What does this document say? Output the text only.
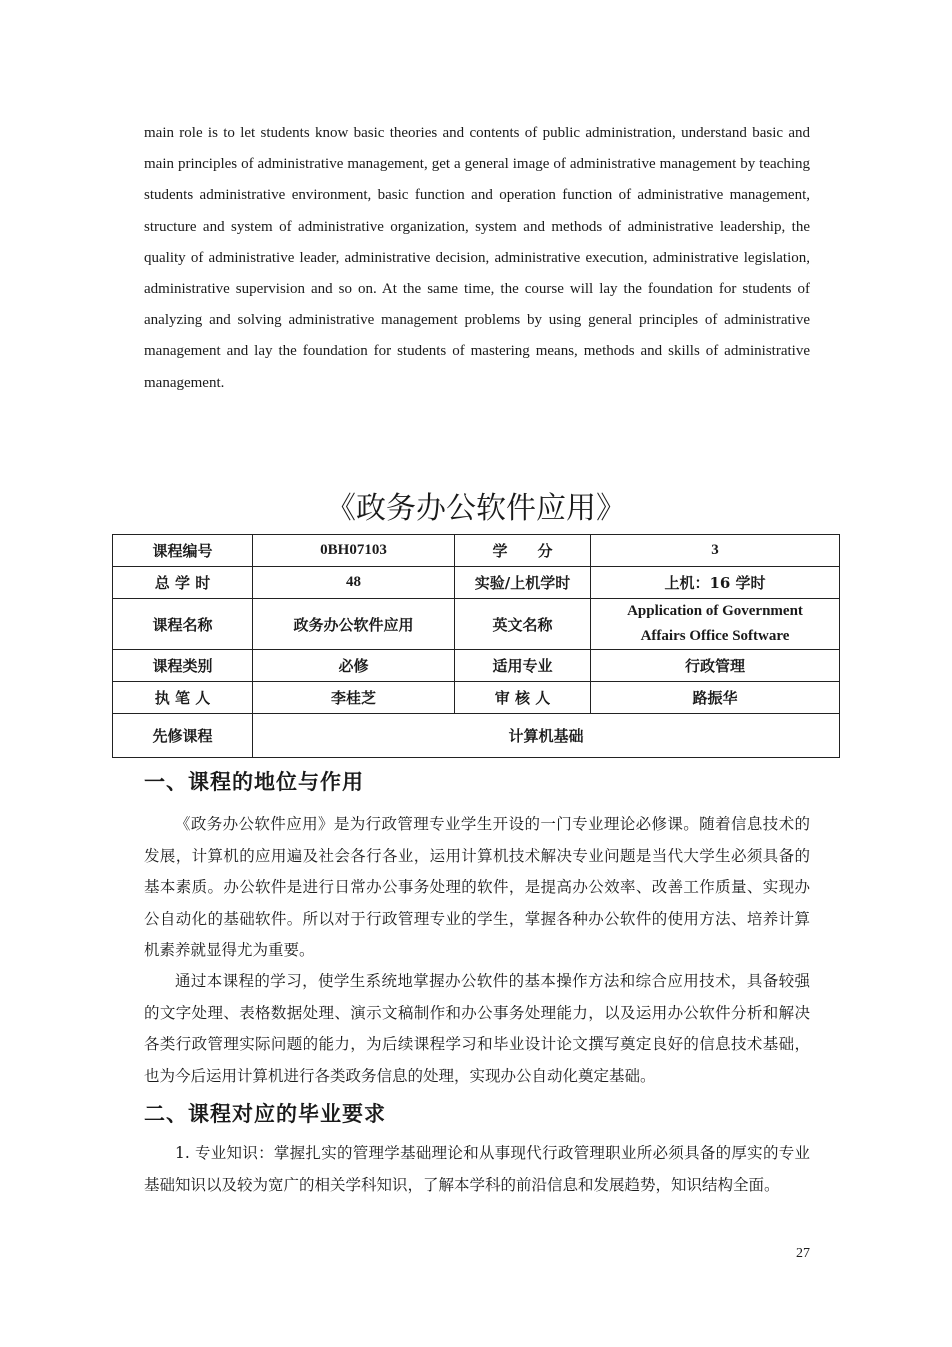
main role is to let students know basic theories and contents of public administration, understand basic and main principles of administrative management, get a general image of administrative management by teaching students administrative environment, basic function and operation function of administrative management, structure and system of administrative organization, system and methods of administrative leadership, the quality of administrative leader, administrative decision, administrative execution, administrative legislation, administrative supervision and so on. At the same time, the course will lay the foundation for students of analyzing and solving administrative management problems by using general principles of administrative management and lay the foundation for students of mastering means, methods and skills of administrative management.

《政务办公软件应用》
课程编号	0BH07103	学　　分	3
总 学 时	48	实验/上机学时	上机：16 学时
课程名称	政务办公软件应用	英文名称	Application of Government
Affairs Office Software

课程类别	必修	适用专业	行政管理
执 笔 人	李桂芝	审 核 人	路振华
先修课程	计算机基础		
一、课程的地位与作用

《政务办公软件应用》是为行政管理专业学生开设的一门专业理论必修课。随着信息技术的发展，计算机的应用遍及社会各行各业，运用计算机技术解决专业问题是当代大学生必须具备的基本素质。办公软件是进行日常办公事务处理的软件，是提高办公效率、改善工作质量、实现办公自动化的基础软件。所以对于行政管理专业的学生，掌握各种办公软件的使用方法、培养计算机素养就显得尤为重要。

通过本课程的学习，使学生系统地掌握办公软件的基本操作方法和综合应用技术，具备较强的文字处理、表格数据处理、演示文稿制作和办公事务处理能力，以及运用办公软件分析和解决各类行政管理实际问题的能力，为后续课程学习和毕业设计论文撰写奠定良好的信息技术基础，也为今后运用计算机进行各类政务信息的处理，实现办公自动化奠定基础。

二、课程对应的毕业要求

1. 专业知识：掌握扎实的管理学基础理论和从事现代行政管理职业所必须具备的厚实的专业基础知识以及较为宽广的相关学科知识，了解本学科的前沿信息和发展趋势，知识结构全面。

27
